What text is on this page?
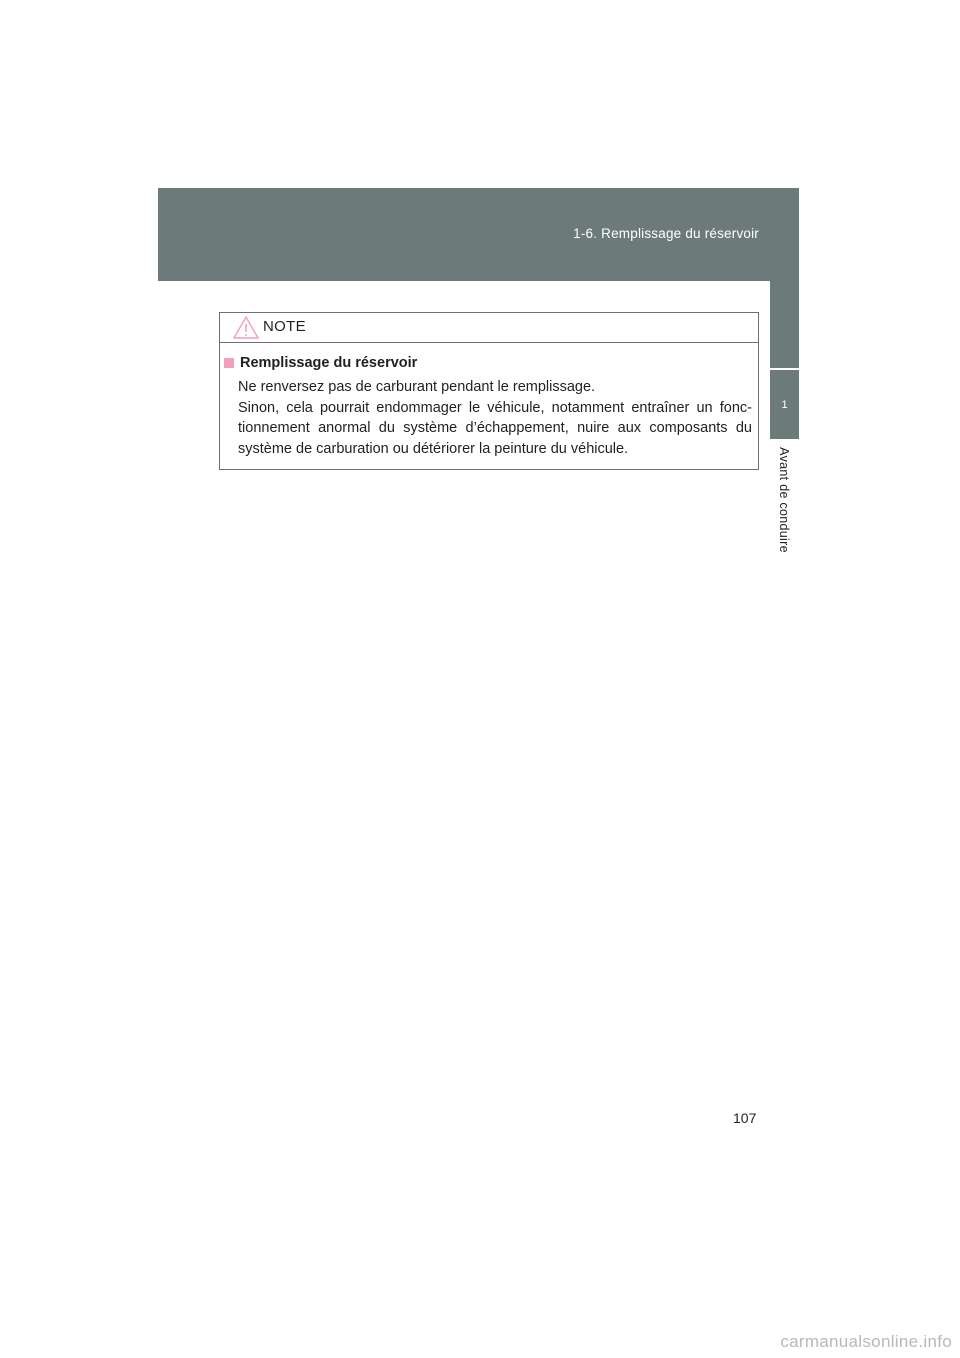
1-6. Remplissage du réservoir
1
Avant de conduire
NOTE
Remplissage du réservoir

Ne renversez pas de carburant pendant le remplissage.

Sinon, cela pourrait endommager le véhicule, notamment entraîner un fonc-tionnement anormal du système d’échappement, nuire aux composants du système de carburation ou détériorer la peinture du véhicule.

107
carmanualsonline.info
